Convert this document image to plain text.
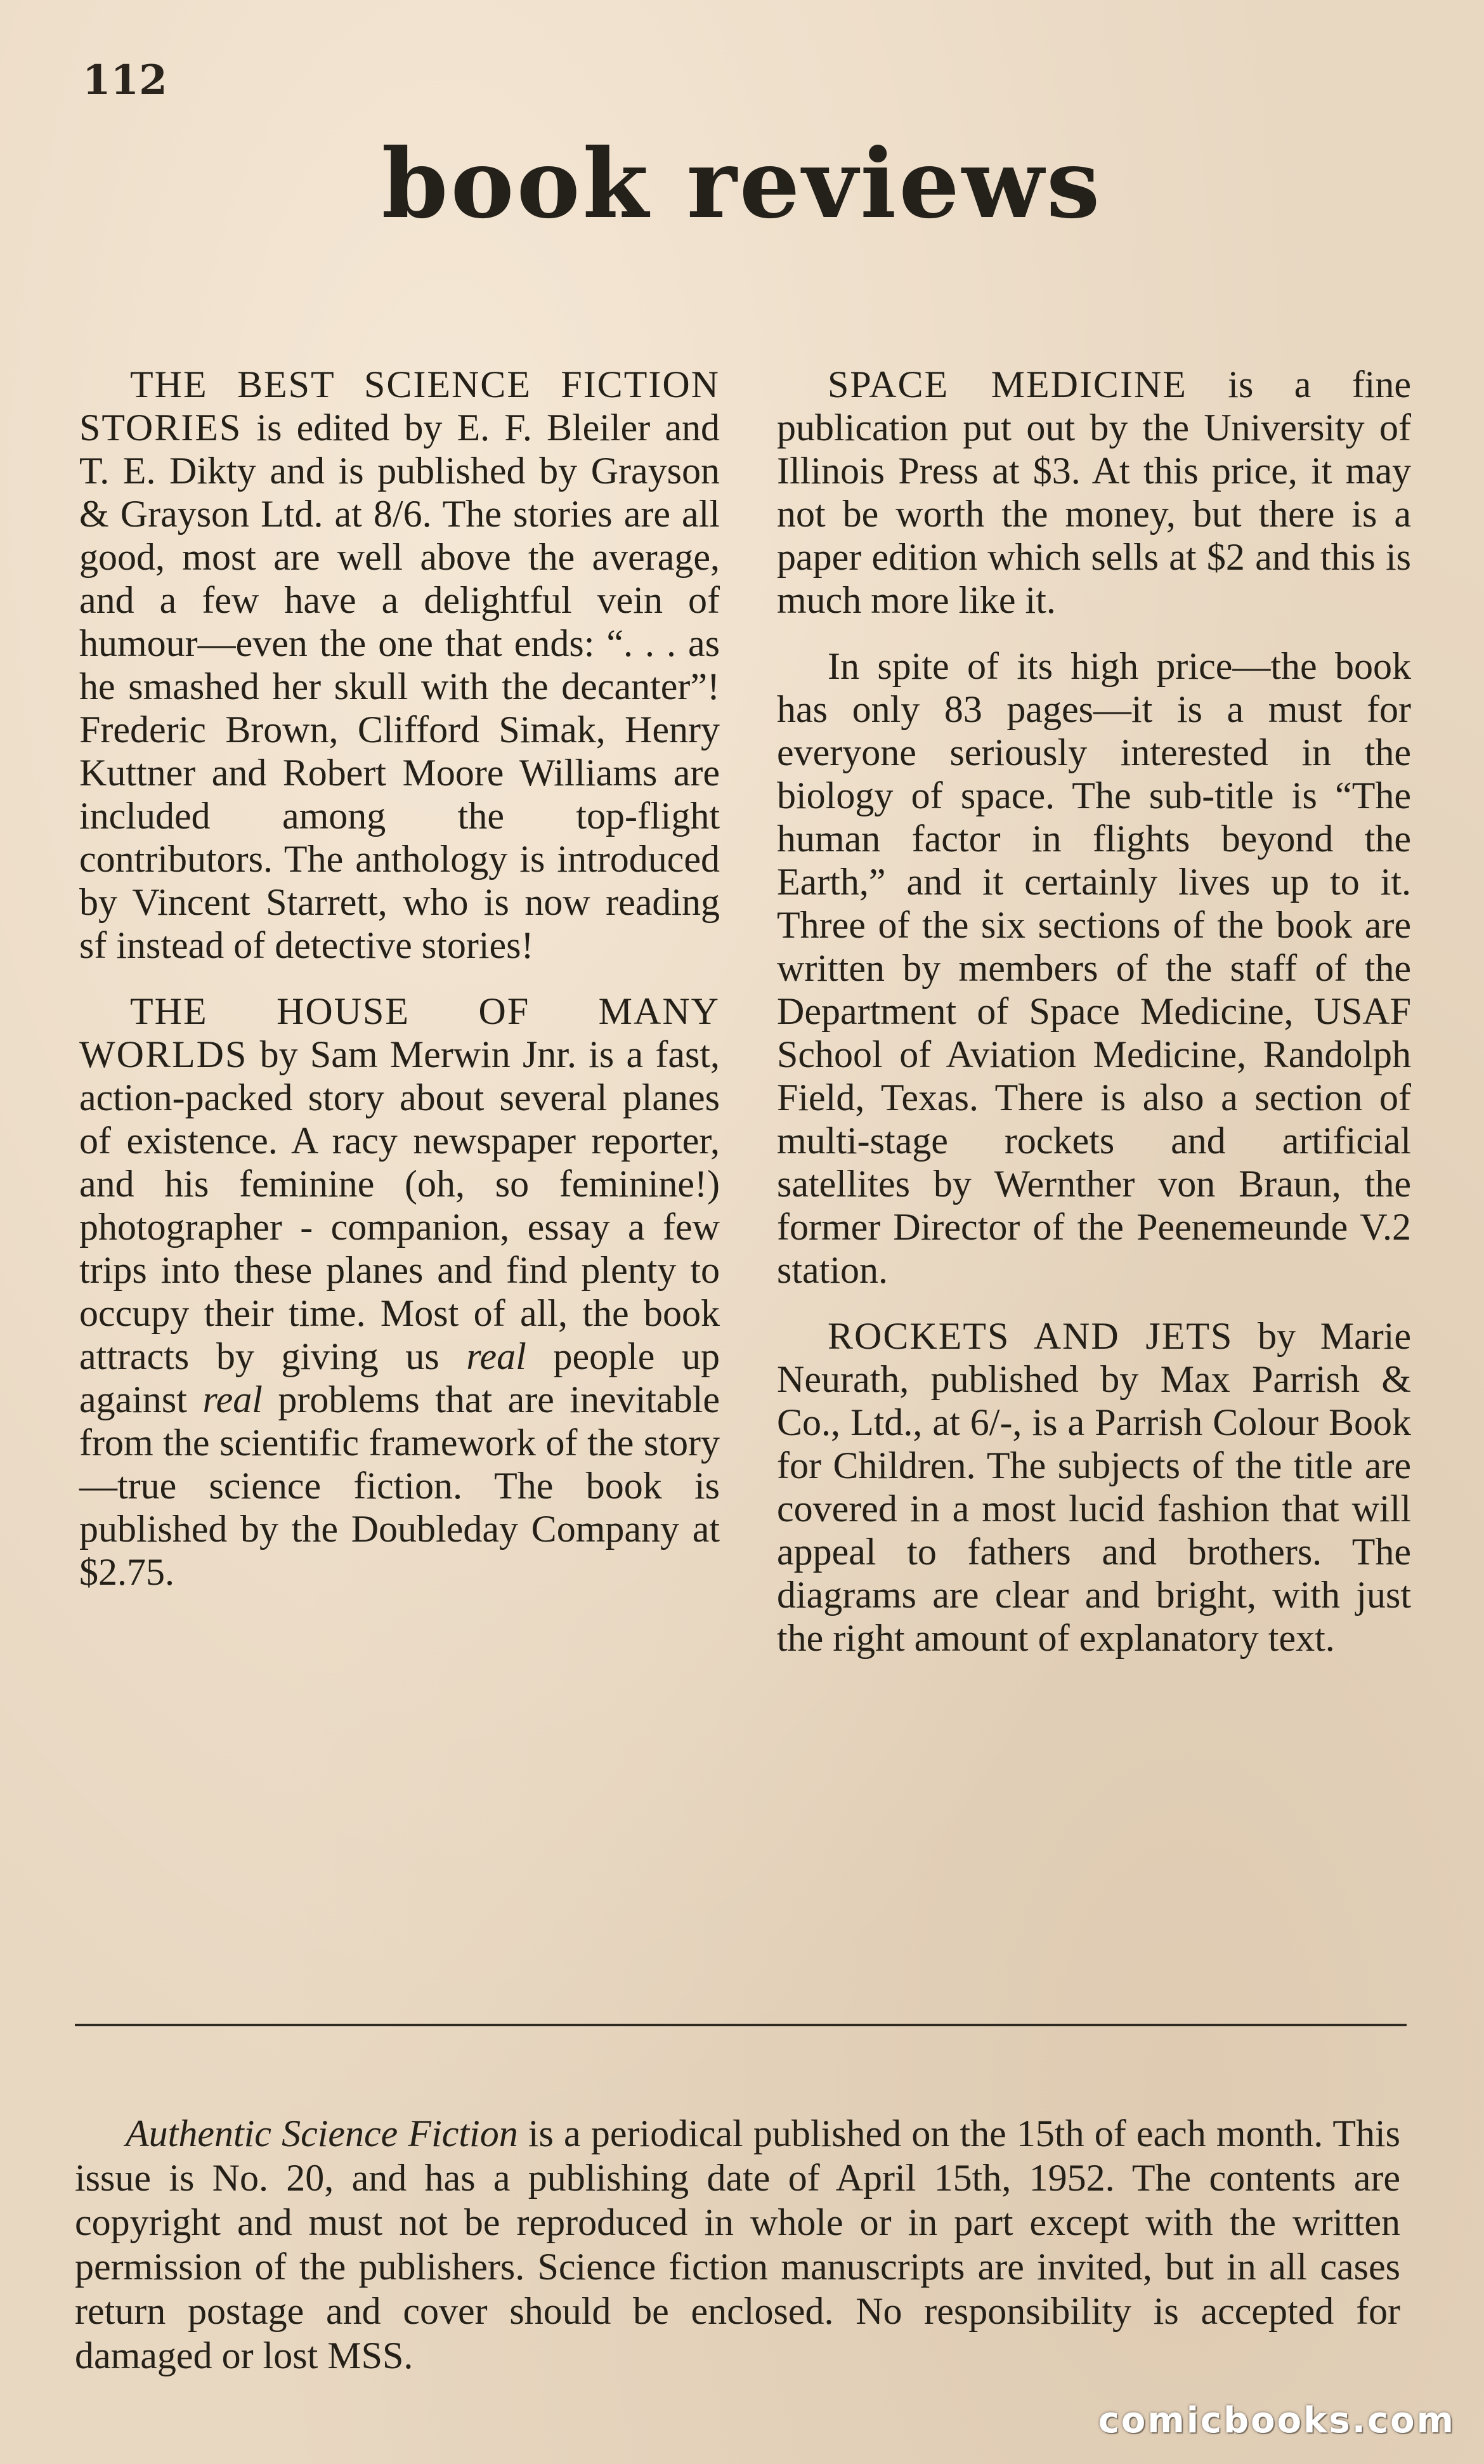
112
book reviews

THE BEST SCIENCE FICTION STORIES is edited by E. F. Bleiler and T. E. Dikty and is published by Grayson & Grayson Ltd. at 8/6. The stories are all good, most are well above the average, and a few have a delightful vein of humour—even the one that ends: “. . . as he smashed her skull with the decanter”! Frederic Brown, Clifford Simak, Henry Kuttner and Robert Moore Williams are included among the top-flight contributors. The anthology is introduced by Vincent Starrett, who is now reading sf instead of detective stories!

THE HOUSE OF MANY WORLDS by Sam Merwin Jnr. is a fast, action-packed story about several planes of existence. A racy newspaper reporter, and his feminine (oh, so feminine!) photographer - companion, essay a few trips into these planes and find plenty to occupy their time. Most of all, the book attracts by giving us real people up against real problems that are inevitable from the scientific framework of the story—true science fiction. The book is published by the Doubleday Company at $2.75.

SPACE MEDICINE is a fine publication put out by the University of Illinois Press at $3. At this price, it may not be worth the money, but there is a paper edition which sells at $2 and this is much more like it.

In spite of its high price—the book has only 83 pages—it is a must for everyone seriously interested in the biology of space. The sub-title is “The human factor in flights beyond the Earth,” and it certainly lives up to it. Three of the six sections of the book are written by members of the staff of the Department of Space Medicine, USAF School of Aviation Medicine, Randolph Field, Texas. There is also a section of multi-stage rockets and artificial satellites by Wernther von Braun, the former Director of the Peenemeunde V.2 station.

ROCKETS AND JETS by Marie Neurath, published by Max Parrish & Co., Ltd., at 6/-, is a Parrish Colour Book for Children. The subjects of the title are covered in a most lucid fashion that will appeal to fathers and brothers. The diagrams are clear and bright, with just the right amount of explanatory text.

Authentic Science Fiction is a periodical published on the 15th of each month. This issue is No. 20, and has a publishing date of April 15th, 1952. The contents are copyright and must not be reproduced in whole or in part except with the written permission of the publishers. Science fiction manuscripts are invited, but in all cases return postage and cover should be enclosed. No responsibility is accepted for damaged or lost MSS.

comicbooks.com
